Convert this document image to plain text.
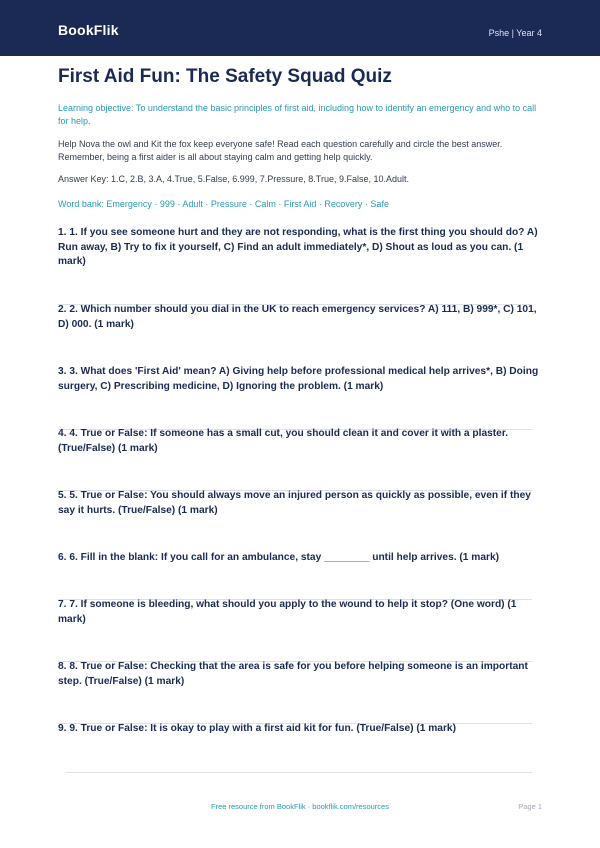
BookFlik	Pshe | Year 4
First Aid Fun: The Safety Squad Quiz
Learning objective: To understand the basic principles of first aid, including how to identify an emergency and who to call for help.
Help Nova the owl and Kit the fox keep everyone safe! Read each question carefully and circle the best answer. Remember, being a first aider is all about staying calm and getting help quickly.
Answer Key: 1.C, 2.B, 3.A, 4.True, 5.False, 6.999, 7.Pressure, 8.True, 9.False, 10.Adult.
Word bank: Emergency · 999 · Adult · Pressure · Calm · First Aid · Recovery · Safe
1. 1. If you see someone hurt and they are not responding, what is the first thing you should do? A) Run away, B) Try to fix it yourself, C) Find an adult immediately*, D) Shout as loud as you can. (1 mark)
2. 2. Which number should you dial in the UK to reach emergency services? A) 111, B) 999*, C) 101, D) 000. (1 mark)
3. 3. What does 'First Aid' mean? A) Giving help before professional medical help arrives*, B) Doing surgery, C) Prescribing medicine, D) Ignoring the problem. (1 mark)
4. 4. True or False: If someone has a small cut, you should clean it and cover it with a plaster. (True/False) (1 mark)
5. 5. True or False: You should always move an injured person as quickly as possible, even if they say it hurts. (True/False) (1 mark)
6. 6. Fill in the blank: If you call for an ambulance, stay ________ until help arrives. (1 mark)
7. 7. If someone is bleeding, what should you apply to the wound to help it stop? (One word) (1 mark)
8. 8. True or False: Checking that the area is safe for you before helping someone is an important step. (True/False) (1 mark)
9. 9. True or False: It is okay to play with a first aid kit for fun. (True/False) (1 mark)
Free resource from BookFlik · bookflik.com/resources	Page 1
